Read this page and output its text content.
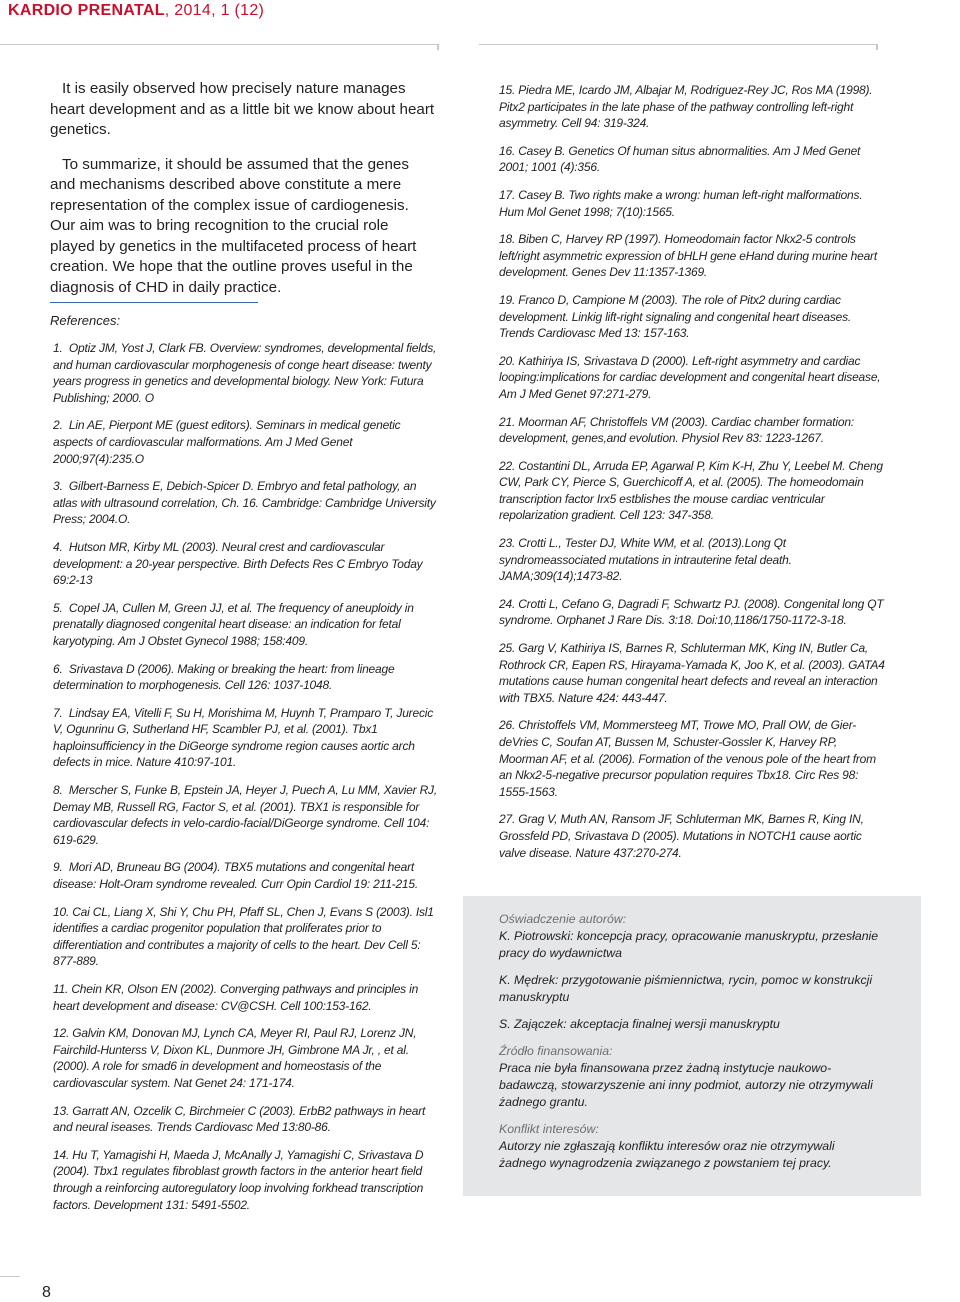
KARDIO PRENATAL, 2014, 1 (12)

It is easily observed how precisely nature manages heart development and as a little bit we know about heart genetics.

To summarize, it should be assumed that the genes and mechanisms described above constitute a mere representation of the complex issue of cardiogenesis. Our aim was to bring recognition to the crucial role played by genetics in the multifaceted process of heart creation. We hope that the outline proves useful in the diagnosis of CHD in daily practice.

References:

1.  Optiz JM, Yost J, Clark FB. Overview: syndromes, developmental fields, and human cardiovascular morphogenesis of conge heart disease: twenty years progress in genetics and developmental biology. New York: Futura Publishing; 2000. O

2.  Lin AE, Pierpont ME (guest editors). Seminars in medical genetic aspects of cardiovascular malformations. Am J Med Genet 2000;97(4):235.O

3.  Gilbert-Barness E, Debich-Spicer D. Embryo and fetal pathology, an atlas with ultrasound correlation, Ch. 16. Cambridge: Cambridge University Press; 2004.O.

4.  Hutson MR, Kirby ML (2003). Neural crest and cardiovascular development: a 20-year perspective. Birth Defects Res C Embryo Today 69:2-13

5.  Copel JA, Cullen M, Green JJ, et al. The frequency of aneuploidy in prenatally diagnosed congenital heart disease: an indication for fetal karyotyping. Am J Obstet Gynecol 1988; 158:409.

6.  Srivastava D (2006). Making or breaking the heart: from lineage determination to morphogenesis. Cell 126: 1037-1048.

7.  Lindsay EA, Vitelli F, Su H, Morishima M, Huynh T, Pramparo T, Jurecic V, Ogunrinu G, Sutherland HF, Scambler PJ, et al. (2001). Tbx1 haploinsufficiency in the DiGeorge syndrome region causes aortic arch defects in mice. Nature 410:97-101.

8.  Merscher S, Funke B, Epstein JA, Heyer J, Puech A, Lu MM, Xavier RJ, Demay MB, Russell RG, Factor S, et al. (2001). TBX1 is responsible for cardiovascular defects in velo-cardio-facial/DiGeorge syndrome. Cell 104: 619-629.

9.  Mori AD, Bruneau BG (2004). TBX5 mutations and congenital heart disease: Holt-Oram syndrome revealed. Curr Opin Cardiol 19: 211-215.

10. Cai CL, Liang X, Shi Y, Chu PH, Pfaff SL, Chen J, Evans S (2003). Isl1 identifies a cardiac progenitor population that proliferates prior to differentiation and contributes a majority of cells to the heart. Dev Cell 5: 877-889.

11. Chein KR, Olson EN (2002). Converging pathways and principles in heart development and disease: CV@CSH. Cell 100:153-162.

12. Galvin KM, Donovan MJ, Lynch CA, Meyer RI, Paul RJ, Lorenz JN, Fairchild-Hunterss V, Dixon KL, Dunmore JH, Gimbrone MA Jr, , et al. (2000). A role for smad6 in development and homeostasis of the cardiovascular system. Nat Genet 24: 171-174.

13. Garratt AN, Ozcelik C, Birchmeier C (2003). ErbB2 pathways in heart and neural iseases. Trends Cardiovasc Med 13:80-86.

14. Hu T, Yamagishi H, Maeda J, McAnally J, Yamagishi C, Srivastava D (2004). Tbx1 regulates fibroblast growth factors in the anterior heart field through a reinforcing autoregulatory loop involving forkhead transcription factors. Development 131: 5491-5502.

15. Piedra ME, Icardo JM, Albajar M, Rodriguez-Rey JC, Ros MA (1998). Pitx2 participates in the late phase of the pathway controlling left-right asymmetry. Cell 94: 319-324.

16. Casey B. Genetics Of human situs abnormalities. Am J Med Genet 2001; 1001 (4):356.

17. Casey B. Two rights make a wrong: human left-right malformations. Hum Mol Genet 1998; 7(10):1565.

18. Biben C, Harvey RP (1997). Homeodomain factor Nkx2-5 controls left/right asymmetric expression of bHLH gene eHand during murine heart development. Genes Dev 11:1357-1369.

19. Franco D, Campione M (2003). The role of Pitx2 during cardiac development. Linkig lift-right signaling and congenital heart diseases. Trends Cardiovasc Med 13: 157-163.

20. Kathiriya IS, Srivastava D (2000). Left-right asymmetry and cardiac looping:implications for cardiac development and congenital heart disease, Am J Med Genet 97:271-279.

21. Moorman AF, Christoffels VM (2003). Cardiac chamber formation: development, genes,and evolution. Physiol Rev 83: 1223-1267.

22. Costantini DL, Arruda EP, Agarwal P, Kim K-H, Zhu Y, Leebel M. Cheng CW, Park CY, Pierce S, Guerchicoff A, et al. (2005). The homeodomain transcription factor Irx5 estblishes the mouse cardiac ventricular repolarization gradient. Cell 123: 347-358.

23. Crotti L., Tester DJ, White WM, et al. (2013).Long Qt syndromeassociated mutations in intrauterine fetal death. JAMA;309(14);1473-82.

24. Crotti L, Cefano G, Dagradi F, Schwartz PJ. (2008). Congenital long QT syndrome. Orphanet J Rare Dis. 3:18. Doi:10,1186/1750-1172-3-18.

25. Garg V, Kathiriya IS, Barnes R, Schluterman MK, King IN, Butler Ca, Rothrock CR, Eapen RS, Hirayama-Yamada K, Joo K, et al. (2003). GATA4 mutations cause human congenital heart defects and reveal an interaction with TBX5. Nature 424: 443-447.

26. Christoffels VM, Mommersteeg MT, Trowe MO, Prall OW, de Gier-deVries C, Soufan AT, Bussen M, Schuster-Gossler K, Harvey RP, Moorman AF, et al. (2006). Formation of the venous pole of the heart from an Nkx2-5-negative precursor population requires Tbx18. Circ Res 98: 1555-1563.

27. Grag V, Muth AN, Ransom JF, Schluterman MK, Barnes R, King IN, Grossfeld PD, Srivastava D (2005). Mutations in NOTCH1 cause aortic valve disease. Nature 437:270-274.

Oświadczenie autorów:

K. Piotrowski: koncepcja pracy, opracowanie manuskryptu, przesłanie pracy do wydawnictwa

K. Mędrek: przygotowanie piśmiennictwa, rycin, pomoc w konstrukcji manuskryptu

S. Zajączek: akceptacja finalnej wersji manuskryptu

Źródło finansowania:

Praca nie była finansowana przez żadną instytucje naukowo-badawczą, stowarzyszenie ani inny podmiot, autorzy nie otrzymywali żadnego grantu.

Konflikt interesów:

Autorzy nie zgłaszają konfliktu interesów oraz nie otrzymywali żadnego wynagrodzenia związanego z powstaniem tej pracy.

8
